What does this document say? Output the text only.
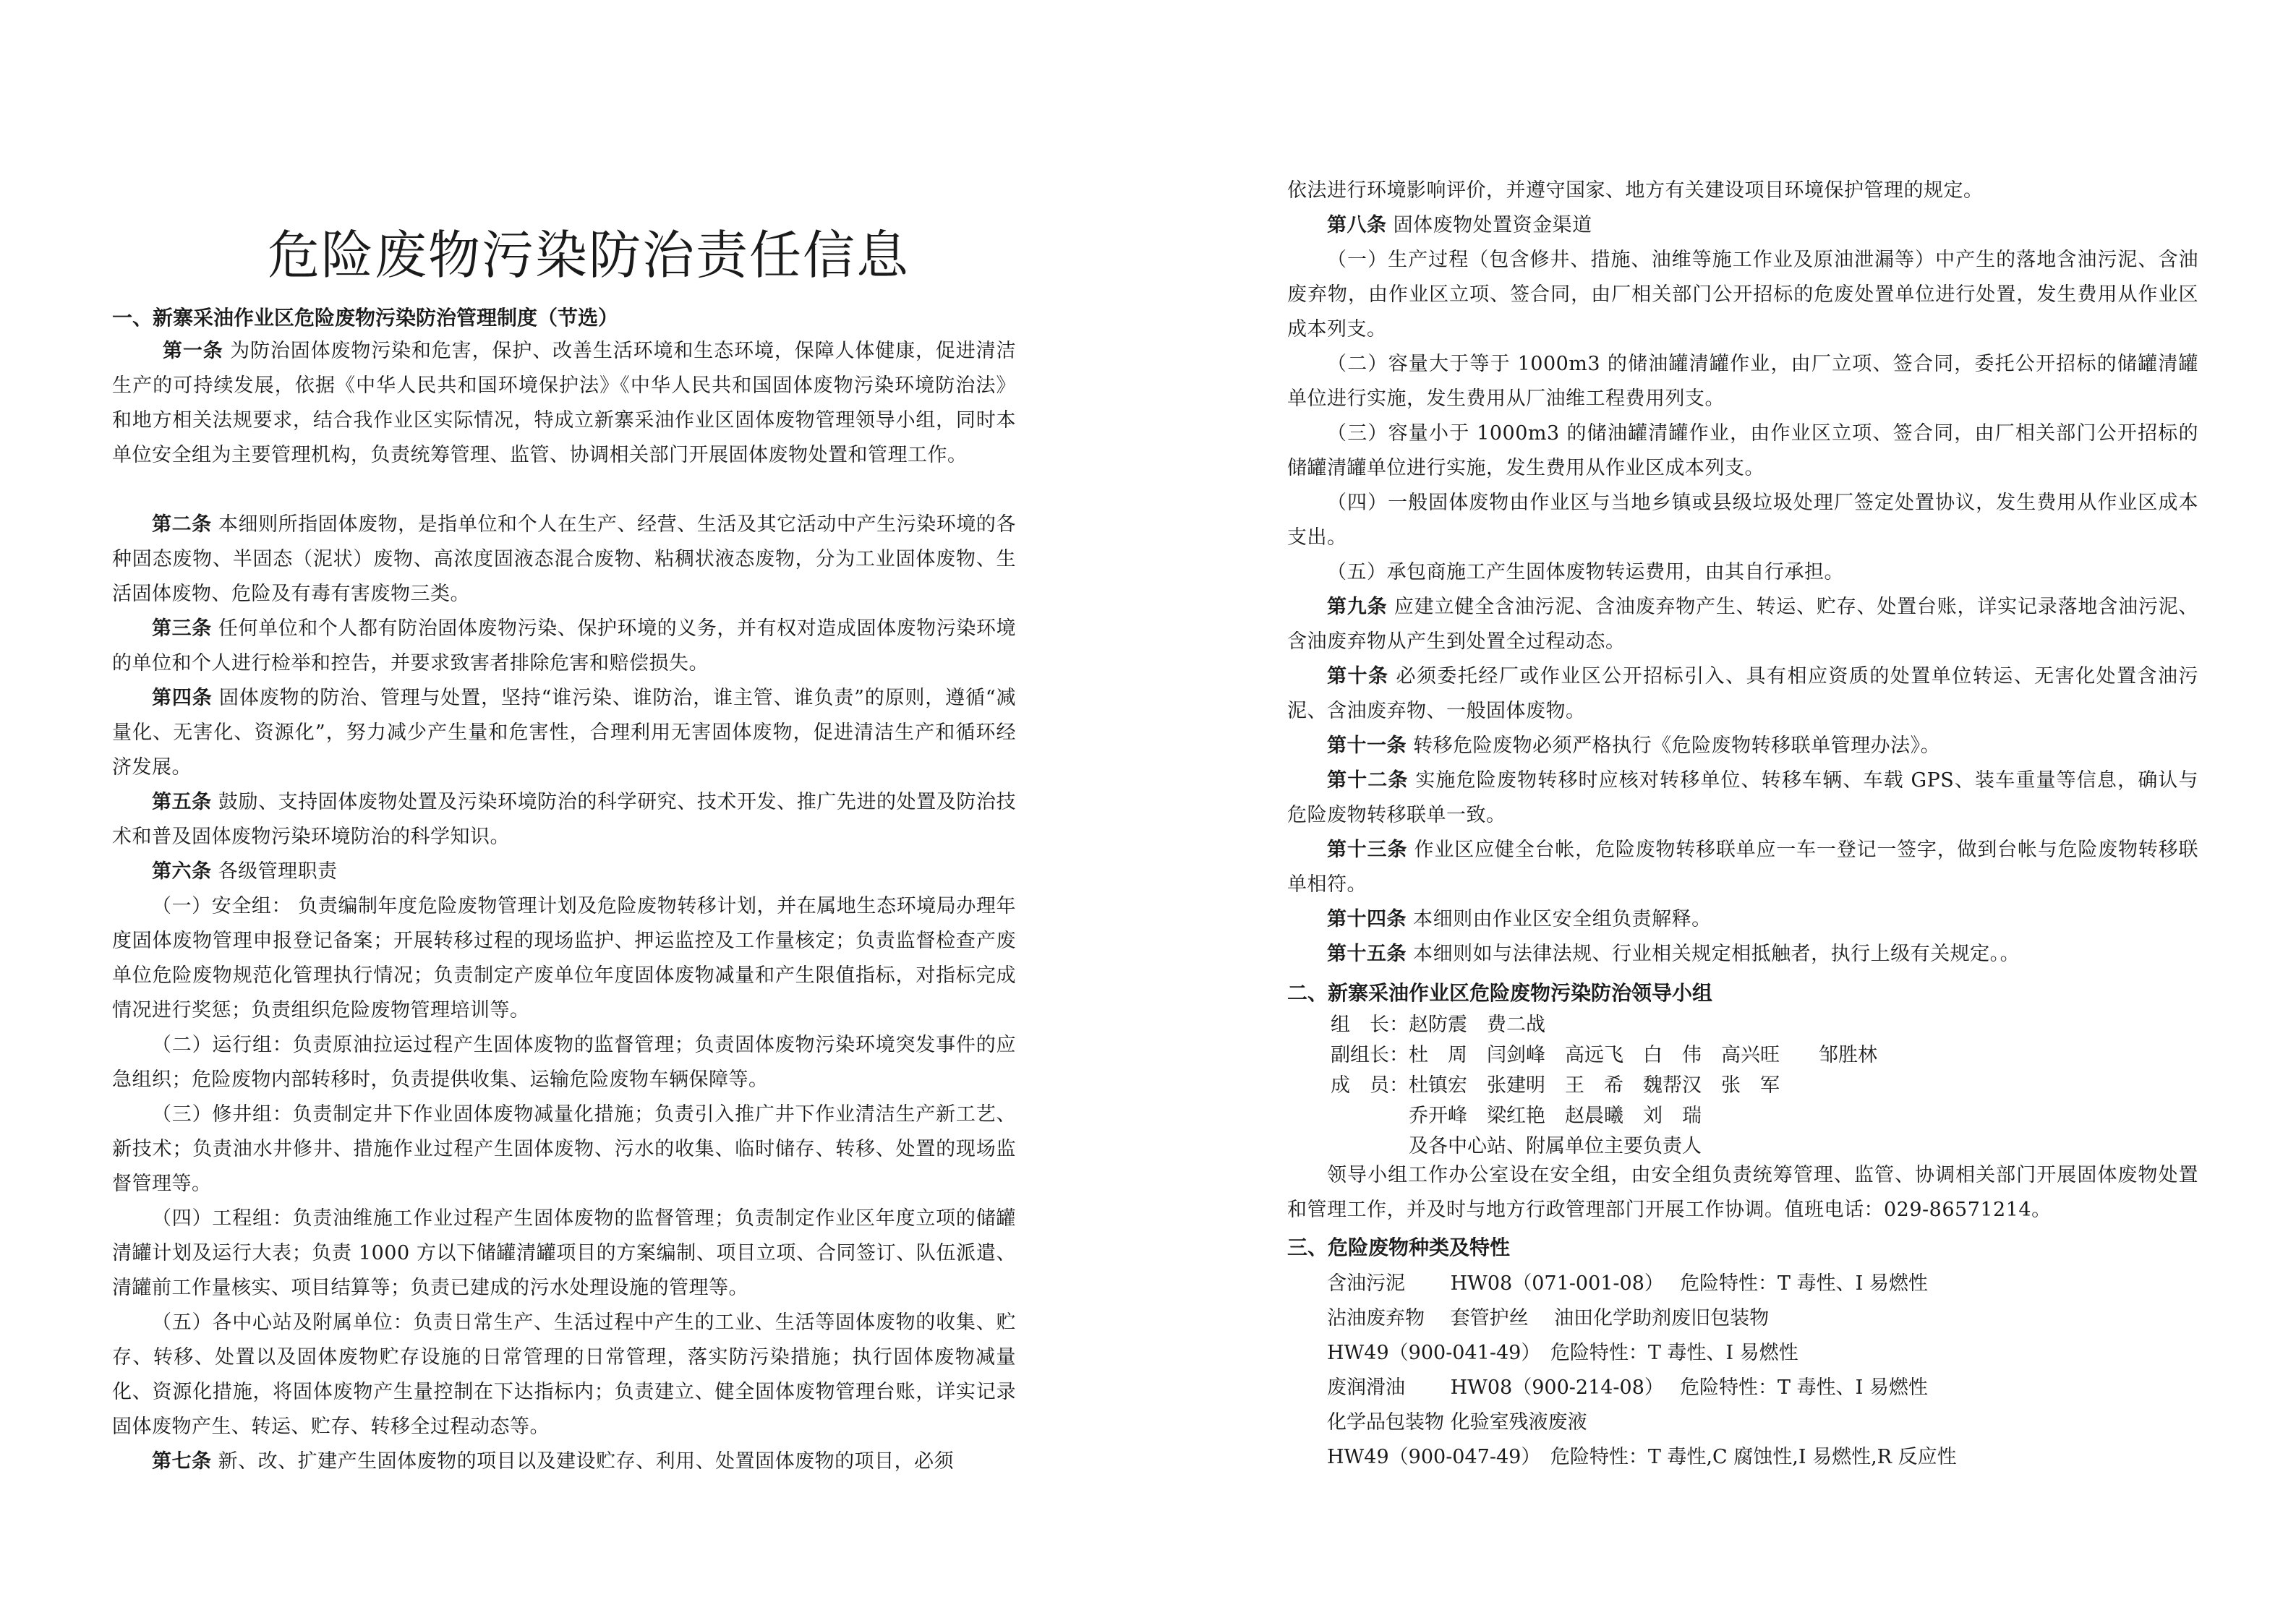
危险废物污染防治责任信息
一、新寨采油作业区危险废物污染防治管理制度（节选）

第一条 为防治固体废物污染和危害，保护、改善生活环境和生态环境，保障人体健康，促进清洁生产的可持续发展，依据《中华人民共和国环境保护法》《中华人民共和国固体废物污染环境防治法》和地方相关法规要求，结合我作业区实际情况，特成立新寨采油作业区固体废物管理领导小组，同时本单位安全组为主要管理机构，负责统筹管理、监管、协调相关部门开展固体废物处置和管理工作。

第二条 本细则所指固体废物，是指单位和个人在生产、经营、生活及其它活动中产生污染环境的各种固态废物、半固态（泥状）废物、高浓度固液态混合废物、粘稠状液态废物，分为工业固体废物、生活固体废物、危险及有毒有害废物三类。

第三条 任何单位和个人都有防治固体废物污染、保护环境的义务，并有权对造成固体废物污染环境的单位和个人进行检举和控告，并要求致害者排除危害和赔偿损失。

第四条 固体废物的防治、管理与处置，坚持“谁污染、谁防治，谁主管、谁负责”的原则，遵循“减量化、无害化、资源化”，努力减少产生量和危害性，合理利用无害固体废物，促进清洁生产和循环经济发展。

第五条 鼓励、支持固体废物处置及污染环境防治的科学研究、技术开发、推广先进的处置及防治技术和普及固体废物污染环境防治的科学知识。

第六条 各级管理职责

（一）安全组： 负责编制年度危险废物管理计划及危险废物转移计划，并在属地生态环境局办理年度固体废物管理申报登记备案；开展转移过程的现场监护、押运监控及工作量核定；负责监督检查产废单位危险废物规范化管理执行情况；负责制定产废单位年度固体废物减量和产生限值指标，对指标完成情况进行奖惩；负责组织危险废物管理培训等。

（二）运行组：负责原油拉运过程产生固体废物的监督管理；负责固体废物污染环境突发事件的应急组织；危险废物内部转移时，负责提供收集、运输危险废物车辆保障等。

（三）修井组：负责制定井下作业固体废物减量化措施；负责引入推广井下作业清洁生产新工艺、新技术；负责油水井修井、措施作业过程产生固体废物、污水的收集、临时储存、转移、处置的现场监督管理等。

（四）工程组：负责油维施工作业过程产生固体废物的监督管理；负责制定作业区年度立项的储罐清罐计划及运行大表；负责 1000 方以下储罐清罐项目的方案编制、项目立项、合同签订、队伍派遣、清罐前工作量核实、项目结算等；负责已建成的污水处理设施的管理等。

（五）各中心站及附属单位：负责日常生产、生活过程中产生的工业、生活等固体废物的收集、贮存、转移、处置以及固体废物贮存设施的日常管理的日常管理，落实防污染措施；执行固体废物减量化、资源化措施，将固体废物产生量控制在下达指标内；负责建立、健全固体废物管理台账，详实记录固体废物产生、转运、贮存、转移全过程动态等。

第七条 新、改、扩建产生固体废物的项目以及建设贮存、利用、处置固体废物的项目，必须

依法进行环境影响评价，并遵守国家、地方有关建设项目环境保护管理的规定。

第八条 固体废物处置资金渠道

（一）生产过程（包含修井、措施、油维等施工作业及原油泄漏等）中产生的落地含油污泥、含油废弃物，由作业区立项、签合同，由厂相关部门公开招标的危废处置单位进行处置，发生费用从作业区成本列支。

（二）容量大于等于 1000m3 的储油罐清罐作业，由厂立项、签合同，委托公开招标的储罐清罐单位进行实施，发生费用从厂油维工程费用列支。

（三）容量小于 1000m3 的储油罐清罐作业，由作业区立项、签合同，由厂相关部门公开招标的储罐清罐单位进行实施，发生费用从作业区成本列支。

（四）一般固体废物由作业区与当地乡镇或县级垃圾处理厂签定处置协议，发生费用从作业区成本支出。

（五）承包商施工产生固体废物转运费用，由其自行承担。

第九条 应建立健全含油污泥、含油废弃物产生、转运、贮存、处置台账，详实记录落地含油污泥、含油废弃物从产生到处置全过程动态。

第十条 必须委托经厂或作业区公开招标引入、具有相应资质的处置单位转运、无害化处置含油污泥、含油废弃物、一般固体废物。

第十一条 转移危险废物必须严格执行《危险废物转移联单管理办法》。

第十二条 实施危险废物转移时应核对转移单位、转移车辆、车载 GPS、装车重量等信息，确认与危险废物转移联单一致。

第十三条 作业区应健全台帐，危险废物转移联单应一车一登记一签字，做到台帐与危险废物转移联单相符。

第十四条 本细则由作业区安全组负责解释。

第十五条 本细则如与法律法规、行业相关规定相抵触者，执行上级有关规定。。

二、新寨采油作业区危险废物污染防治领导小组

组　长：赵防震　费二战

副组长：杜　周　闫剑峰　高远飞　白　伟　高兴旺　　邹胜林

成　员：杜镇宏　张建明　王　希　魏帮汉　张　军

乔开峰　梁红艳　赵晨曦　刘　瑞

及各中心站、附属单位主要负责人

领导小组工作办公室设在安全组，由安全组负责统筹管理、监管、协调相关部门开展固体废物处置和管理工作，并及时与地方行政管理部门开展工作协调。值班电话：029-86571214。

三、危险废物种类及特性

含油污泥　　 HW08（071-001-08）　 危险特性：T 毒性、I 易燃性

沾油废弃物　 套管护丝　 油田化学助剂废旧包装物

HW49（900-041-49）　危险特性：T 毒性、I 易燃性

废润滑油　　 HW08（900-214-08）　 危险特性：T 毒性、I 易燃性

化学品包装物 化验室残液废液

HW49（900-047-49）　危险特性：T 毒性,C 腐蚀性,I 易燃性,R 反应性
